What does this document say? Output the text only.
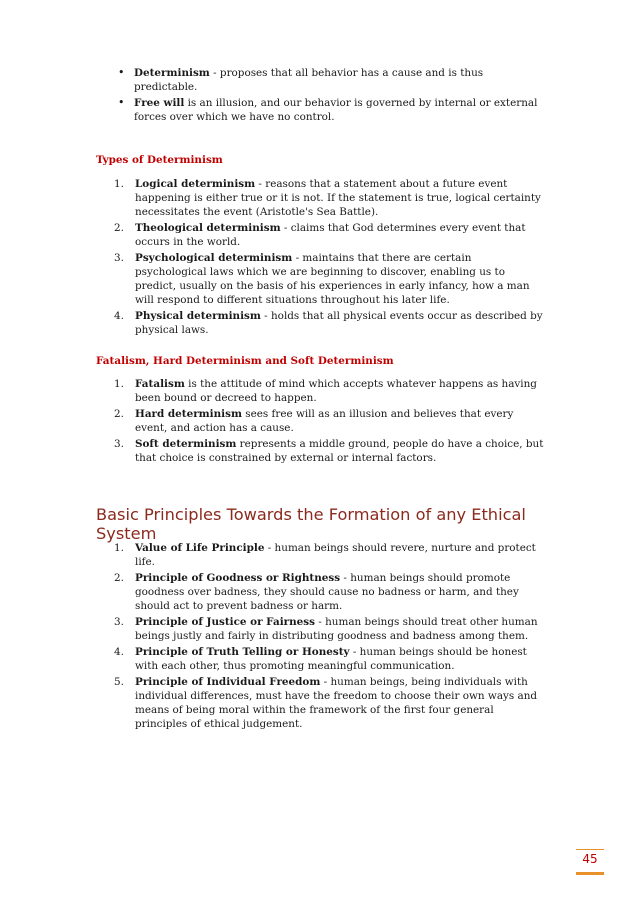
• Determinism - proposes that all behavior has a cause and is thus predictable.
• Free will is an illusion, and our behavior is governed by internal or external forces over which we have no control.
Types of Determinism
1. Logical determinism - reasons that a statement about a future event happening is either true or it is not. If the statement is true, logical certainty necessitates the event (Aristotle's Sea Battle).
2. Theological determinism - claims that God determines every event that occurs in the world.
3. Psychological determinism - maintains that there are certain psychological laws which we are beginning to discover, enabling us to predict, usually on the basis of his experiences in early infancy, how a man will respond to different situations throughout his later life.
4. Physical determinism - holds that all physical events occur as described by physical laws.
Fatalism, Hard Determinism and Soft Determinism
1. Fatalism is the attitude of mind which accepts whatever happens as having been bound or decreed to happen.
2. Hard determinism sees free will as an illusion and believes that every event, and action has a cause.
3. Soft determinism represents a middle ground, people do have a choice, but that choice is constrained by external or internal factors.
Basic Principles Towards the Formation of any Ethical System
1. Value of Life Principle - human beings should revere, nurture and protect life.
2. Principle of Goodness or Rightness - human beings should promote goodness over badness, they should cause no badness or harm, and they should act to prevent badness or harm.
3. Principle of Justice or Fairness - human beings should treat other human beings justly and fairly in distributing goodness and badness among them.
4. Principle of Truth Telling or Honesty - human beings should be honest with each other, thus promoting meaningful communication.
5. Principle of Individual Freedom - human beings, being individuals with individual differences, must have the freedom to choose their own ways and means of being moral within the framework of the first four general principles of ethical judgement.
45
